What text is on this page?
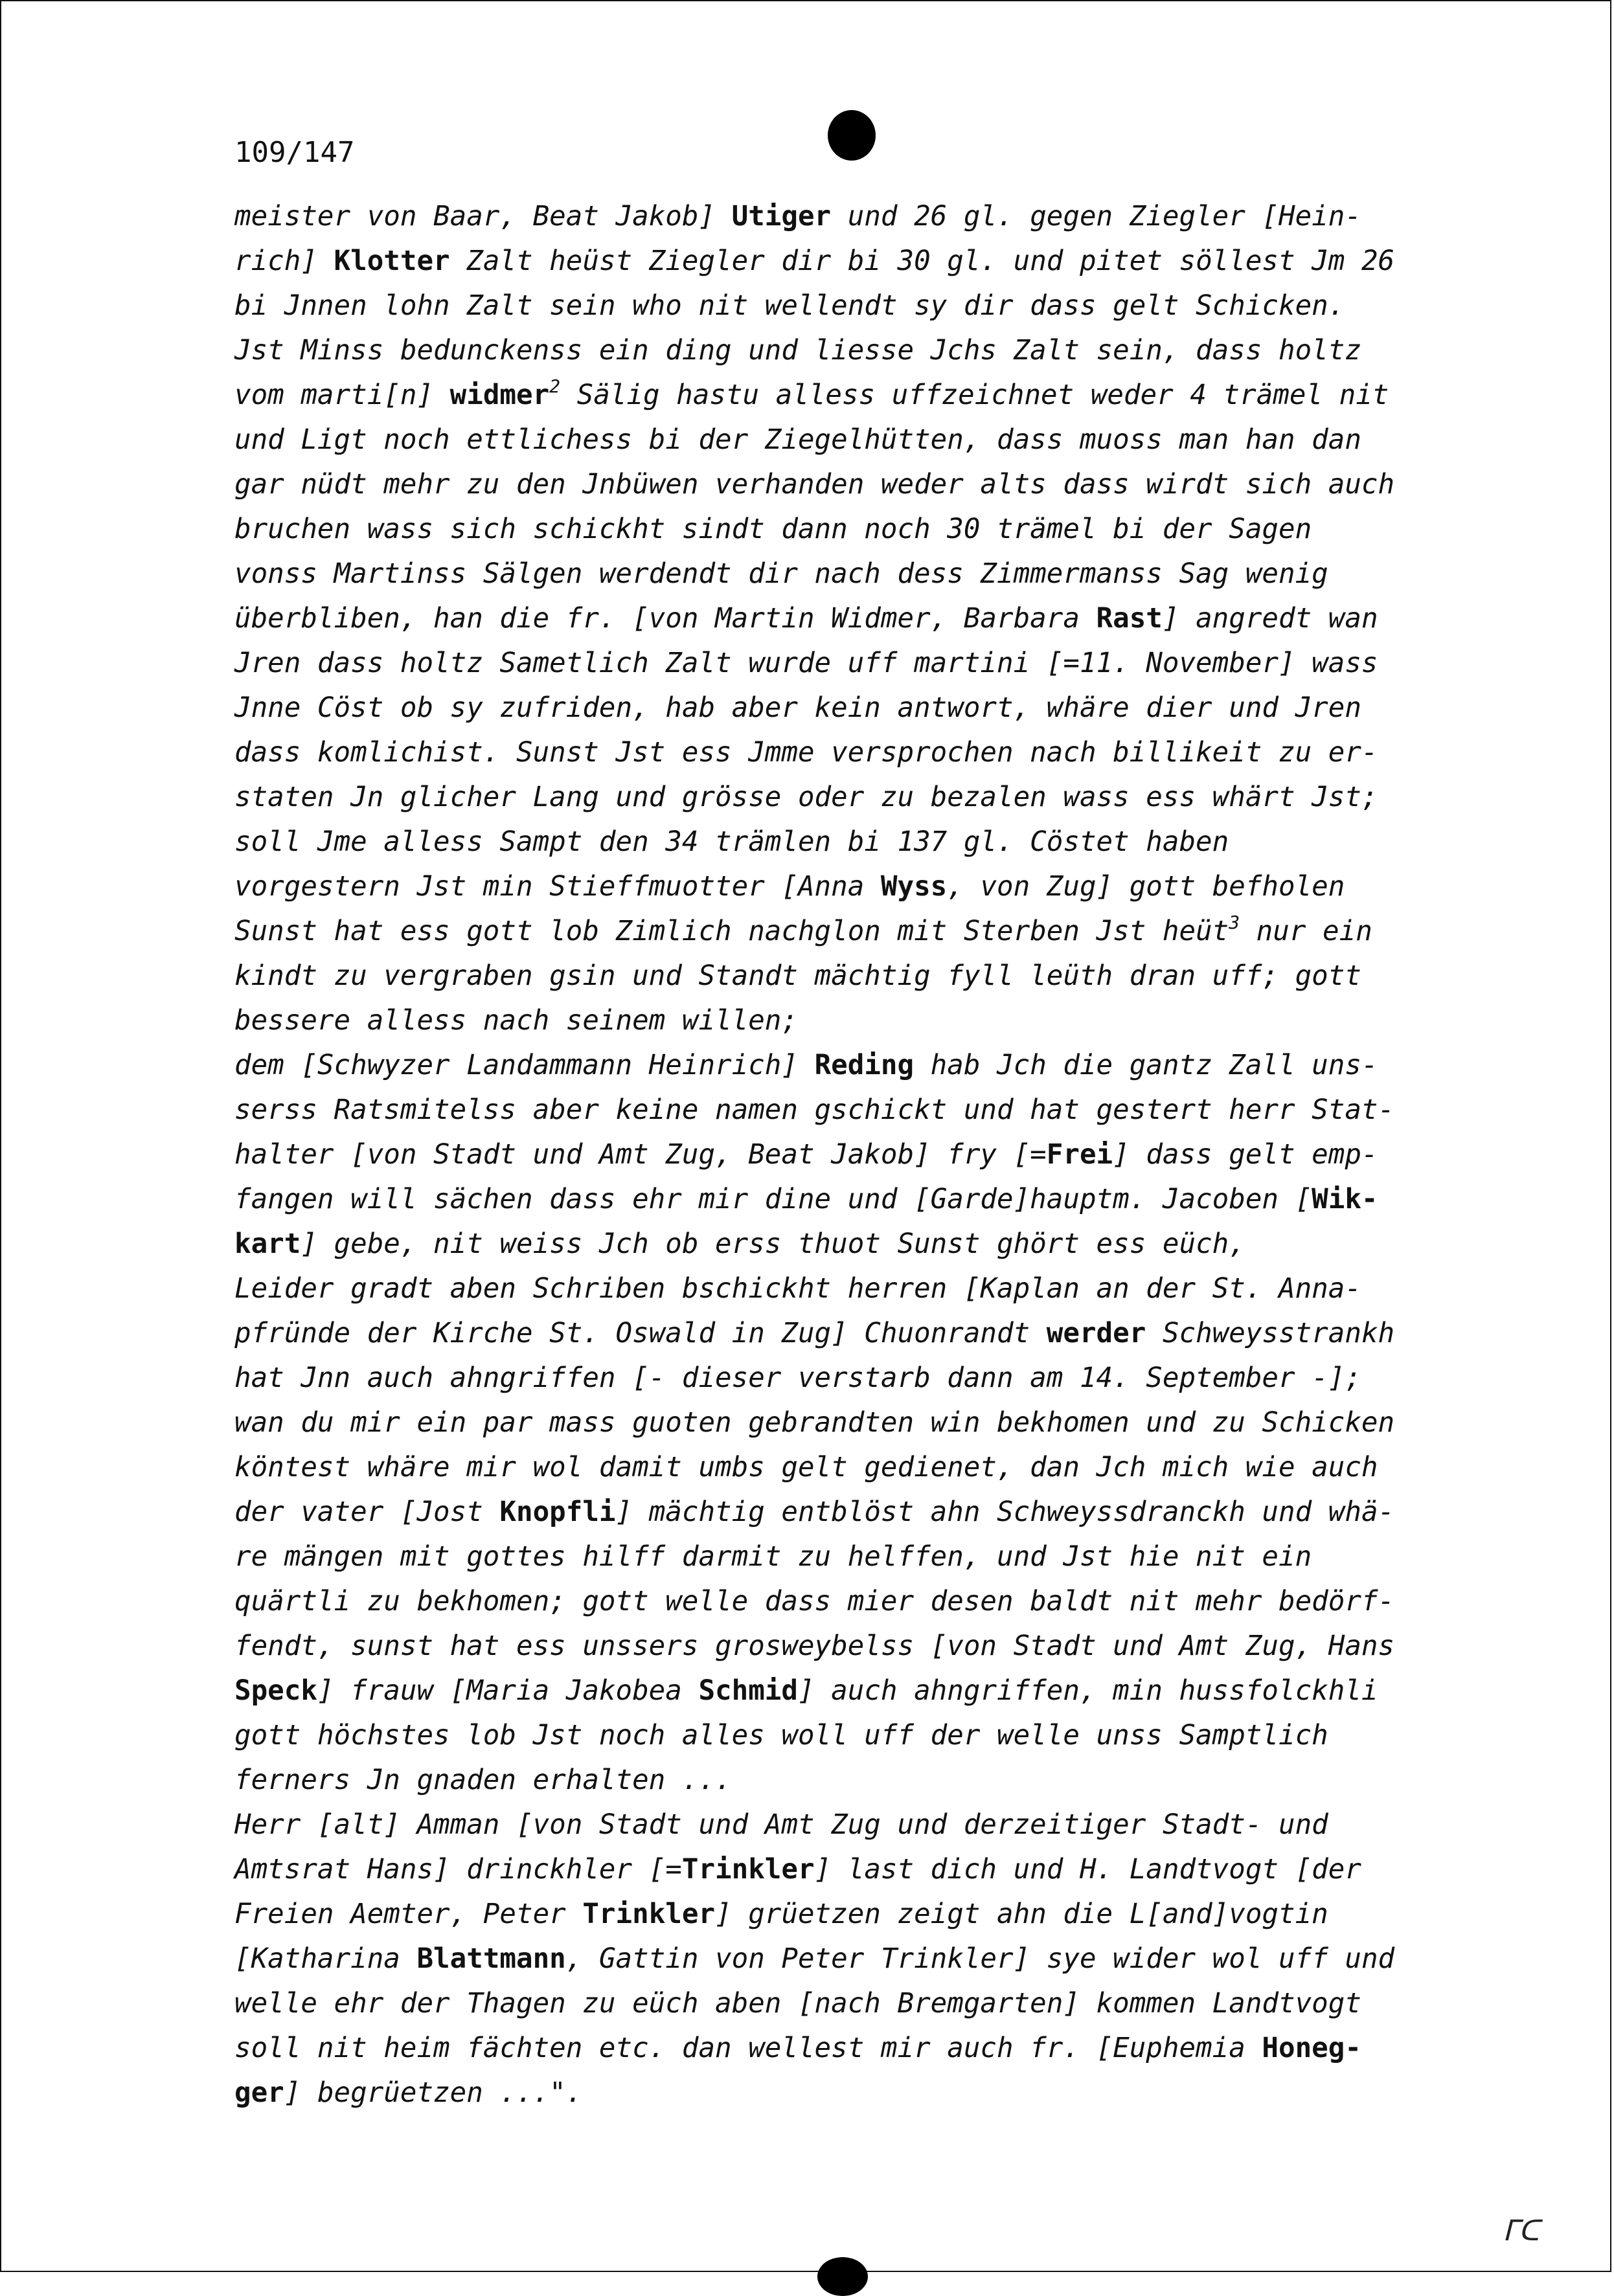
109/147
meister von Baar, Beat Jakob] Utiger und 26 gl. gegen Ziegler [Hein-
rich] Klotter Zalt heüst Ziegler dir bi 30 gl. und pitet söllest Jm 26
bi Jnnen lohn Zalt sein who nit wellendt sy dir dass gelt Schicken.
Jst Minss bedunckenss ein ding und liesse Jchs Zalt sein, dass holtz
vom marti[n] widmer$^2$ Sälig hastu alless uffzeichnet weder 4 trämel nit
und Ligt noch ettlichess bi der Ziegelhütten, dass muoss man han dan
gar nüdt mehr zu den Jnbüwen verhanden weder alts dass wirdt sich auch
bruchen wass sich schickht sindt dann noch 30 trämel bi der Sagen
vonss Martinss Sälgen werdendt dir nach dess Zimmermanss Sag wenig
überbliben, han die fr. [von Martin Widmer, Barbara Rast] angredt wan
Jren dass holtz Sametlich Zalt wurde uff martini [=11. November] wass
Jnne Cöst ob sy zufriden, hab aber kein antwort, whäre dier und Jren
dass komlichist. Sunst Jst ess Jmme versprochen nach billikeit zu er-
staten Jn glicher Lang und grösse oder zu bezalen wass ess whärt Jst;
soll Jme alless Sampt den 34 trämlen bi 137 gl. Cöstet haben
vorgestern Jst min Stieffmuotter [Anna Wyss, von Zug] gott befholen
Sunst hat ess gott lob Zimlich nachglon mit Sterben Jst heüt$^3$ nur ein
kindt zu vergraben gsin und Standt mächtig fyll leüth dran uff; gott
bessere alless nach seinem willen;
dem [Schwyzer Landammann Heinrich] Reding hab Jch die gantz Zall uns-
serss Ratsmitelss aber keine namen gschickt und hat gestert herr Stat-
halter [von Stadt und Amt Zug, Beat Jakob] fry [=Frei] dass gelt emp-
fangen will sächen dass ehr mir dine und [Garde]hauptm. Jacoben [Wik-
kart] gebe, nit weiss Jch ob erss thuot Sunst ghört ess eüch,
Leider gradt aben Schriben bschickht herren [Kaplan an der St. Anna-
pfründe der Kirche St. Oswald in Zug] Chuonrandt werder Schweysstrankh
hat Jnn auch ahngriffen [- dieser verstarb dann am 14. September -];
wan du mir ein par mass guoten gebrandten win bekhomen und zu Schicken
köntest whäre mir wol damit umbs gelt gedienet, dan Jch mich wie auch
der vater [Jost Knopfli] mächtig entblöst ahn Schweyssdranckh und whä-
re mängen mit gottes hilff darmit zu helffen, und Jst hie nit ein
quärtli zu bekhomen; gott welle dass mier desen baldt nit mehr bedörf-
fendt, sunst hat ess unssers grosweybelss [von Stadt und Amt Zug, Hans
Speck] frauw [Maria Jakobea Schmid] auch ahngriffen, min hussfolckhli
gott höchstes lob Jst noch alles woll uff der welle unss Samptlich
ferners Jn gnaden erhalten ...
Herr [alt] Amman [von Stadt und Amt Zug und derzeitiger Stadt- und
Amtsrat Hans] drinckhler [=Trinkler] last dich und H. Landtvogt [der
Freien Aemter, Peter Trinkler] grüetzen zeigt ahn die L[and]vogtin
[Katharina Blattmann, Gattin von Peter Trinkler] sye wider wol uff und
welle ehr der Thagen zu eüch aben [nach Bremgarten] kommen Landtvogt
soll nit heim fächten etc. dan wellest mir auch fr. [Euphemia Honeg-
ger] begrüetzen ...".
ᒥᑕ
